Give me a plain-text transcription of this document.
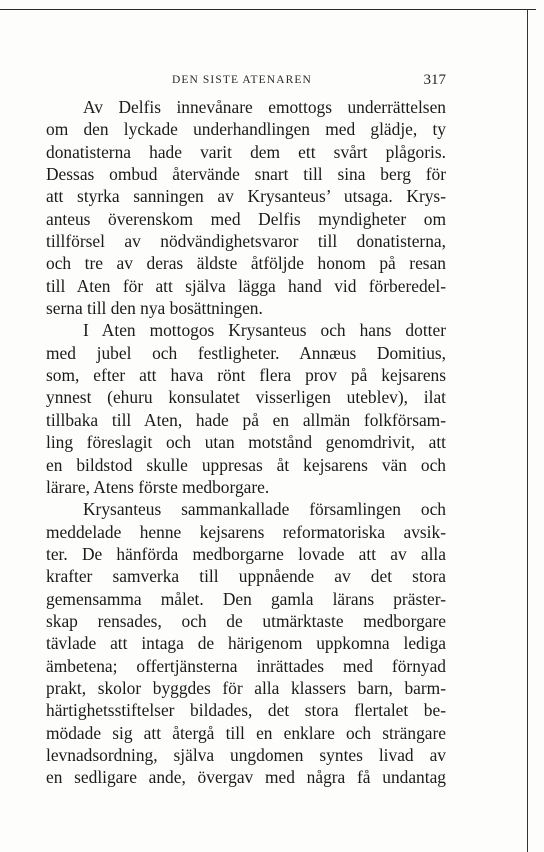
DEN SISTE ATENAREN	317
Av Delfis innevånare emottogs underrättelsen
om den lyckade underhandlingen med glädje, ty
donatisterna hade varit dem ett svårt plågoris.
Dessas ombud återvände snart till sina berg för
att styrka sanningen av Krysanteus’ utsaga. Krys-
anteus överenskom med Delfis myndigheter om
tillförsel av nödvändighetsvaror till donatisterna,
och tre av deras äldste åtföljde honom på resan
till Aten för att själva lägga hand vid förberedel-
serna till den nya bosättningen.
I Aten mottogos Krysanteus och hans dotter
med jubel och festligheter. Annæus Domitius,
som, efter att hava rönt flera prov på kejsarens
ynnest (ehuru konsulatet visserligen uteblev), ilat
tillbaka till Aten, hade på en allmän folkförsam-
ling föreslagit och utan motstånd genomdrivit, att
en bildstod skulle uppresas åt kejsarens vän och
lärare, Atens förste medborgare.
Krysanteus sammankallade församlingen och
meddelade henne kejsarens reformatoriska avsik-
ter. De hänförda medborgarne lovade att av alla
krafter samverka till uppnående av det stora
gemensamma målet. Den gamla lärans präster-
skap rensades, och de utmärktaste medborgare
tävlade att intaga de härigenom uppkomna lediga
ämbetena; offertjänsterna inrättades med förnyad
prakt, skolor byggdes för alla klassers barn, barm-
härtighetsstiftelser bildades, det stora flertalet be-
mödade sig att återgå till en enklare och strängare
levnadsordning, själva ungdomen syntes livad av
en sedligare ande, övergav med några få undantag
